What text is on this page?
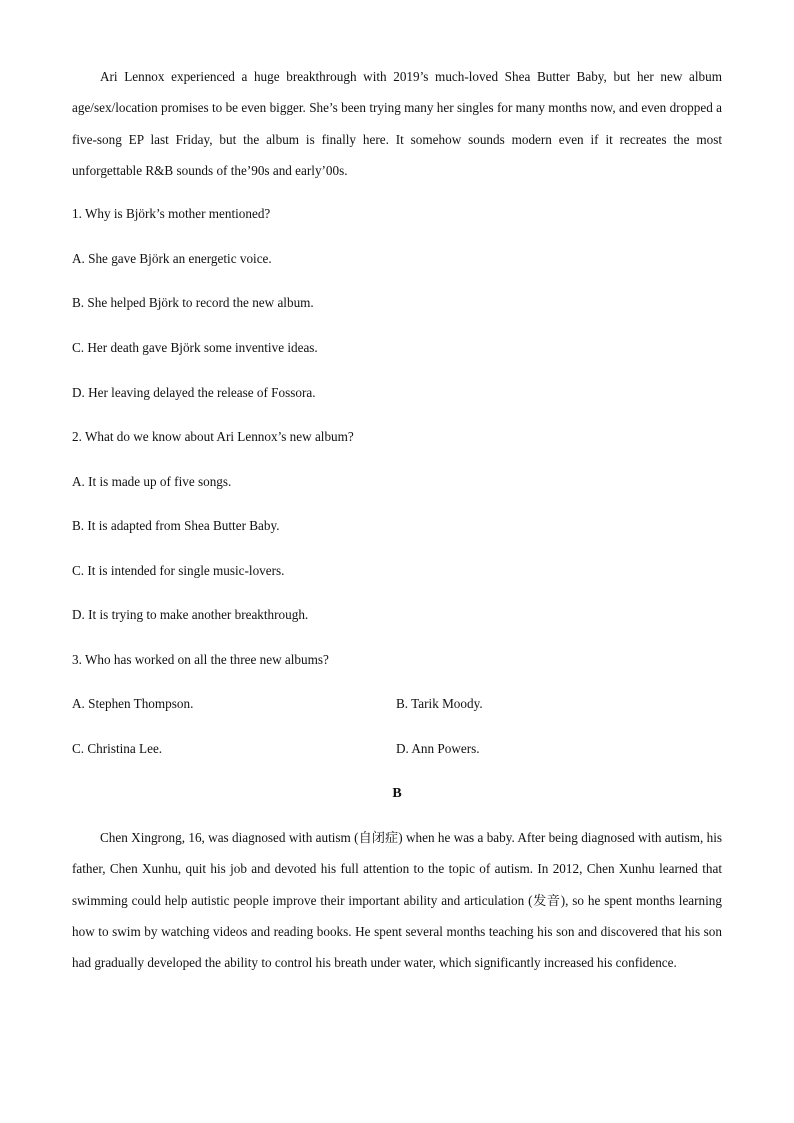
Ari Lennox experienced a huge breakthrough with 2019’s much-loved Shea Butter Baby, but her new album age/sex/location promises to be even bigger. She’s been trying many her singles for many months now, and even dropped a five-song EP last Friday, but the album is finally here. It somehow sounds modern even if it recreates the most unforgettable R&B sounds of the’90s and early’00s.

1. Why is Björk’s mother mentioned?

A. She gave Björk an energetic voice.

B. She helped Björk to record the new album.

C. Her death gave Björk some inventive ideas.

D. Her leaving delayed the release of Fossora.

2. What do we know about Ari Lennox’s new album?

A. It is made up of five songs.

B. It is adapted from Shea Butter Baby.

C. It is intended for single music-lovers.

D. It is trying to make another breakthrough.

3. Who has worked on all the three new albums?

A. Stephen Thompson.	B. Tarik Moody.

C. Christina Lee.	D. Ann Powers.

B

Chen Xingrong, 16, was diagnosed with autism (自闭症) when he was a baby. After being diagnosed with autism, his father, Chen Xunhu, quit his job and devoted his full attention to the topic of autism. In 2012, Chen Xunhu learned that swimming could help autistic people improve their important ability and articulation (发音), so he spent months learning how to swim by watching videos and reading books. He spent several months teaching his son and discovered that his son had gradually developed the ability to control his breath under water, which significantly increased his confidence.
